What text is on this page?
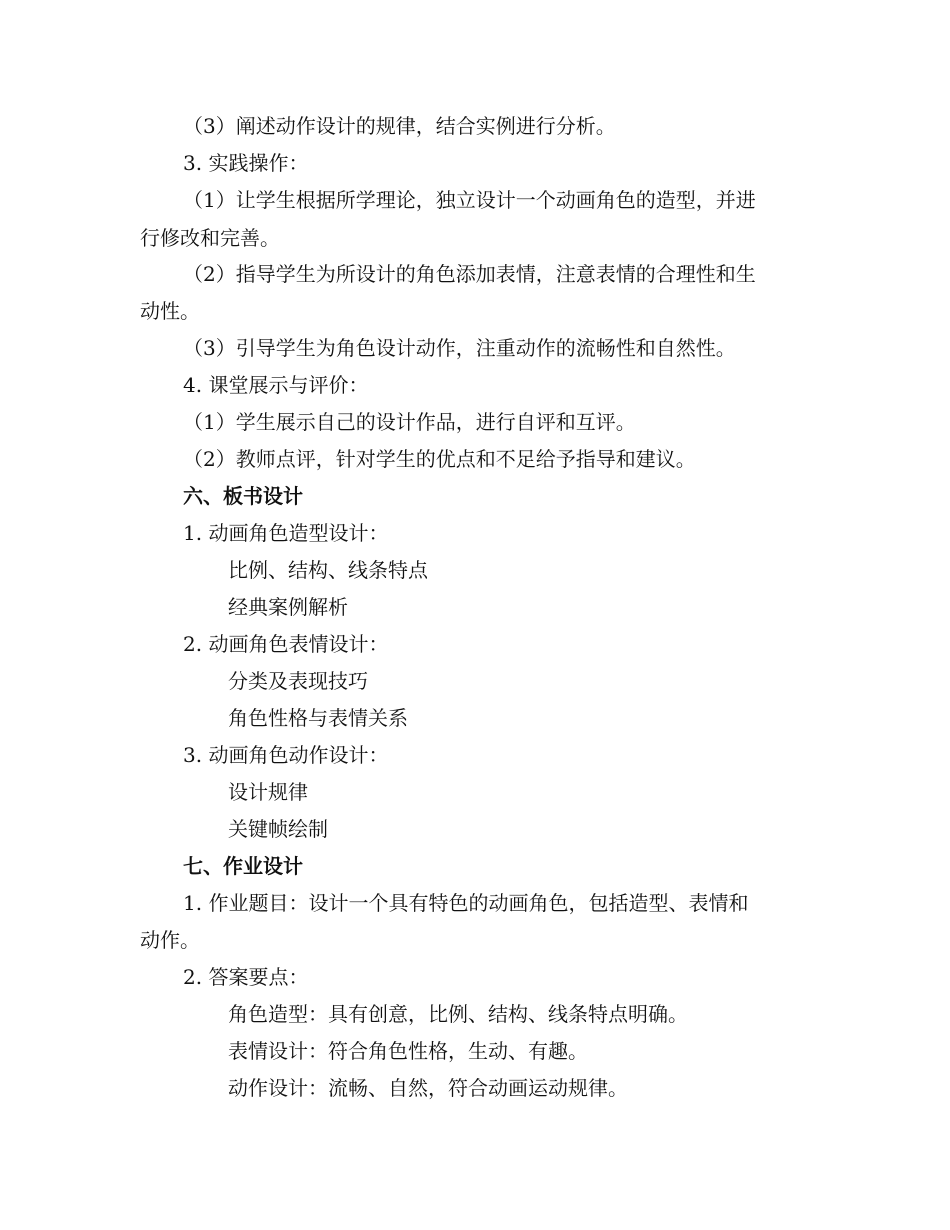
（3）阐述动作设计的规律，结合实例进行分析。
3. 实践操作：
（1）让学生根据所学理论，独立设计一个动画角色的造型，并进
行修改和完善。
（2）指导学生为所设计的角色添加表情，注意表情的合理性和生
动性。
（3）引导学生为角色设计动作，注重动作的流畅性和自然性。
4. 课堂展示与评价：
（1）学生展示自己的设计作品，进行自评和互评。
（2）教师点评，针对学生的优点和不足给予指导和建议。
六、板书设计
1. 动画角色造型设计：
比例、结构、线条特点
经典案例解析
2. 动画角色表情设计：
分类及表现技巧
角色性格与表情关系
3. 动画角色动作设计：
设计规律
关键帧绘制
七、作业设计
1. 作业题目：设计一个具有特色的动画角色，包括造型、表情和
动作。
2. 答案要点：
角色造型：具有创意，比例、结构、线条特点明确。
表情设计：符合角色性格，生动、有趣。
动作设计：流畅、自然，符合动画运动规律。
